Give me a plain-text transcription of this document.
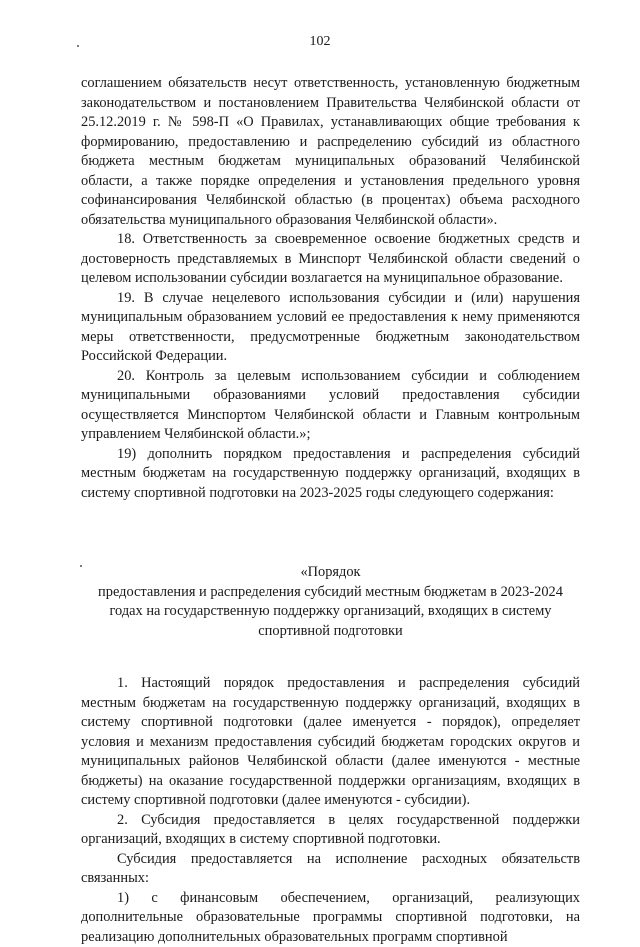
102

соглашением обязательств несут ответственность, установленную бюджетным законодательством и постановлением Правительства Челябинской области от 25.12.2019 г. № 598-П «О Правилах, устанавливающих общие требования к формированию, предоставлению и распределению субсидий из областного бюджета местным бюджетам муниципальных образований Челябинской области, а также порядке определения и установления предельного уровня софинансирования Челябинской областью (в процентах) объема расходного обязательства муниципального образования Челябинской области».

18. Ответственность за своевременное освоение бюджетных средств и достоверность представляемых в Минспорт Челябинской области сведений о целевом использовании субсидии возлагается на муниципальное образование.

19. В случае нецелевого использования субсидии и (или) нарушения муниципальным образованием условий ее предоставления к нему применяются меры ответственности, предусмотренные бюджетным законодательством Российской Федерации.

20. Контроль за целевым использованием субсидии и соблюдением муниципальными образованиями условий предоставления субсидии осуществляется Минспортом Челябинской области и Главным контрольным управлением Челябинской области.»;

19) дополнить порядком предоставления и распределения субсидий местным бюджетам на государственную поддержку организаций, входящих в систему спортивной подготовки на 2023-2025 годы следующего содержания:

«Порядок

предоставления и распределения субсидий местным бюджетам в 2023-2024 годах на государственную поддержку организаций, входящих в систему спортивной подготовки

1. Настоящий порядок предоставления и распределения субсидий местным бюджетам на государственную поддержку организаций, входящих в систему спортивной подготовки (далее именуется - порядок), определяет условия и механизм предоставления субсидий бюджетам городских округов и муниципальных районов Челябинской области (далее именуются - местные бюджеты) на оказание государственной поддержки организациям, входящих в систему спортивной подготовки (далее именуются - субсидии).

2. Субсидия предоставляется в целях государственной поддержки организаций, входящих в систему спортивной подготовки.

Субсидия предоставляется на исполнение расходных обязательств связанных:

1) с финансовым обеспечением, организаций, реализующих дополнительные образовательные программы спортивной подготовки, на реализацию дополнительных образовательных программ спортивной
